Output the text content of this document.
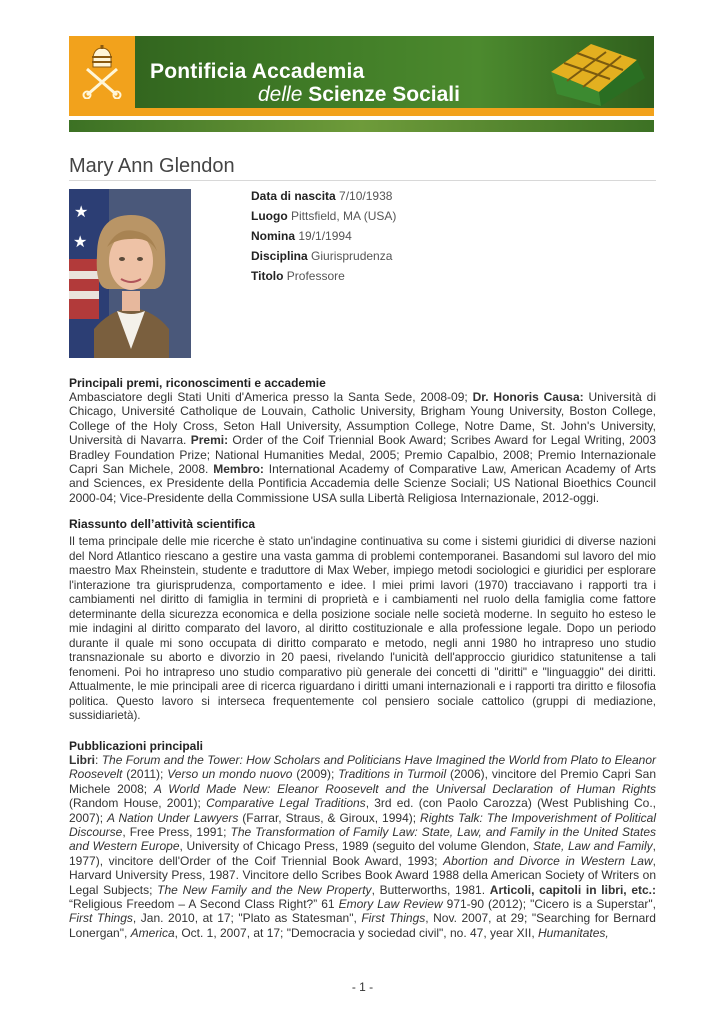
Pontificia Accademia
delle Scienze Sociali
Mary Ann Glendon
★
★
Data di nascita 7/10/1938
Luogo Pittsfield, MA (USA)
Nomina 19/1/1994
Disciplina Giurisprudenza
Titolo Professore
Principali premi, riconoscimenti e accademie

Ambasciatore degli Stati Uniti d'America presso la Santa Sede, 2008-09; Dr. Honoris Causa: Università di Chicago, Université Catholique de Louvain, Catholic University, Brigham Young University, Boston College, College of the Holy Cross, Seton Hall University, Assumption College, Notre Dame, St. John's University, Università di Navarra. Premi: Order of the Coif Triennial Book Award; Scribes Award for Legal Writing, 2003 Bradley Foundation Prize; National Humanities Medal, 2005; Premio Capalbio, 2008; Premio Internazionale Capri San Michele, 2008. Membro: International Academy of Comparative Law, American Academy of Arts and Sciences, ex Presidente della Pontificia Accademia delle Scienze Sociali; US National Bioethics Council 2000-04; Vice-Presidente della Commissione USA sulla Libertà Religiosa Internazionale, 2012-oggi.

Riassunto dell’attività scientifica

Il tema principale delle mie ricerche è stato un'indagine continuativa su come i sistemi giuridici di diverse nazioni del Nord Atlantico riescano a gestire una vasta gamma di problemi contemporanei. Basandomi sul lavoro del mio maestro Max Rheinstein, studente e traduttore di Max Weber, impiego metodi sociologici e giuridici per esplorare l'interazione tra giurisprudenza, comportamento e idee. I miei primi lavori (1970) tracciavano i rapporti tra i cambiamenti nel diritto di famiglia in termini di proprietà e i cambiamenti nel ruolo della famiglia come fattore determinante della sicurezza economica e della posizione sociale nelle società moderne. In seguito ho esteso le mie indagini al diritto comparato del lavoro, al diritto costituzionale e alla professione legale. Dopo un periodo durante il quale mi sono occupata di diritto comparato e metodo, negli anni 1980 ho intrapreso uno studio transnazionale su aborto e divorzio in 20 paesi, rivelando l'unicità dell'approccio giuridico statunitense a tali fenomeni. Poi ho intrapreso uno studio comparativo più generale dei concetti di "diritti" e "linguaggio" dei diritti. Attualmente, le mie principali aree di ricerca riguardano i diritti umani internazionali e i rapporti tra diritto e filosofia politica. Questo lavoro si interseca frequentemente col pensiero sociale cattolico (gruppi di mediazione, sussidiarietà).

Pubblicazioni principali

Libri: The Forum and the Tower: How Scholars and Politicians Have Imagined the World from Plato to Eleanor Roosevelt (2011); Verso un mondo nuovo (2009); Traditions in Turmoil (2006), vincitore del Premio Capri San Michele 2008; A World Made New: Eleanor Roosevelt and the Universal Declaration of Human Rights (Random House, 2001); Comparative Legal Traditions, 3rd ed. (con Paolo Carozza) (West Publishing Co., 2007); A Nation Under Lawyers (Farrar, Straus, & Giroux, 1994); Rights Talk: The Impoverishment of Political Discourse, Free Press, 1991; The Transformation of Family Law: State, Law, and Family in the United States and Western Europe, University of Chicago Press, 1989 (seguito del volume Glendon, State, Law and Family, 1977), vincitore dell'Order of the Coif Triennial Book Award, 1993; Abortion and Divorce in Western Law, Harvard University Press, 1987. Vincitore dello Scribes Book Award 1988 della American Society of Writers on Legal Subjects; The New Family and the New Property, Butterworths, 1981. Articoli, capitoli in libri, etc.: “Religious Freedom – A Second Class Right?” 61 Emory Law Review 971-90 (2012); "Cicero is a Superstar", First Things, Jan. 2010, at 17; "Plato as Statesman", First Things, Nov. 2007, at 29; "Searching for Bernard Lonergan", America, Oct. 1, 2007, at 17; "Democracia y sociedad civil", no. 47, year XII, Humanitates,

- 1 -
